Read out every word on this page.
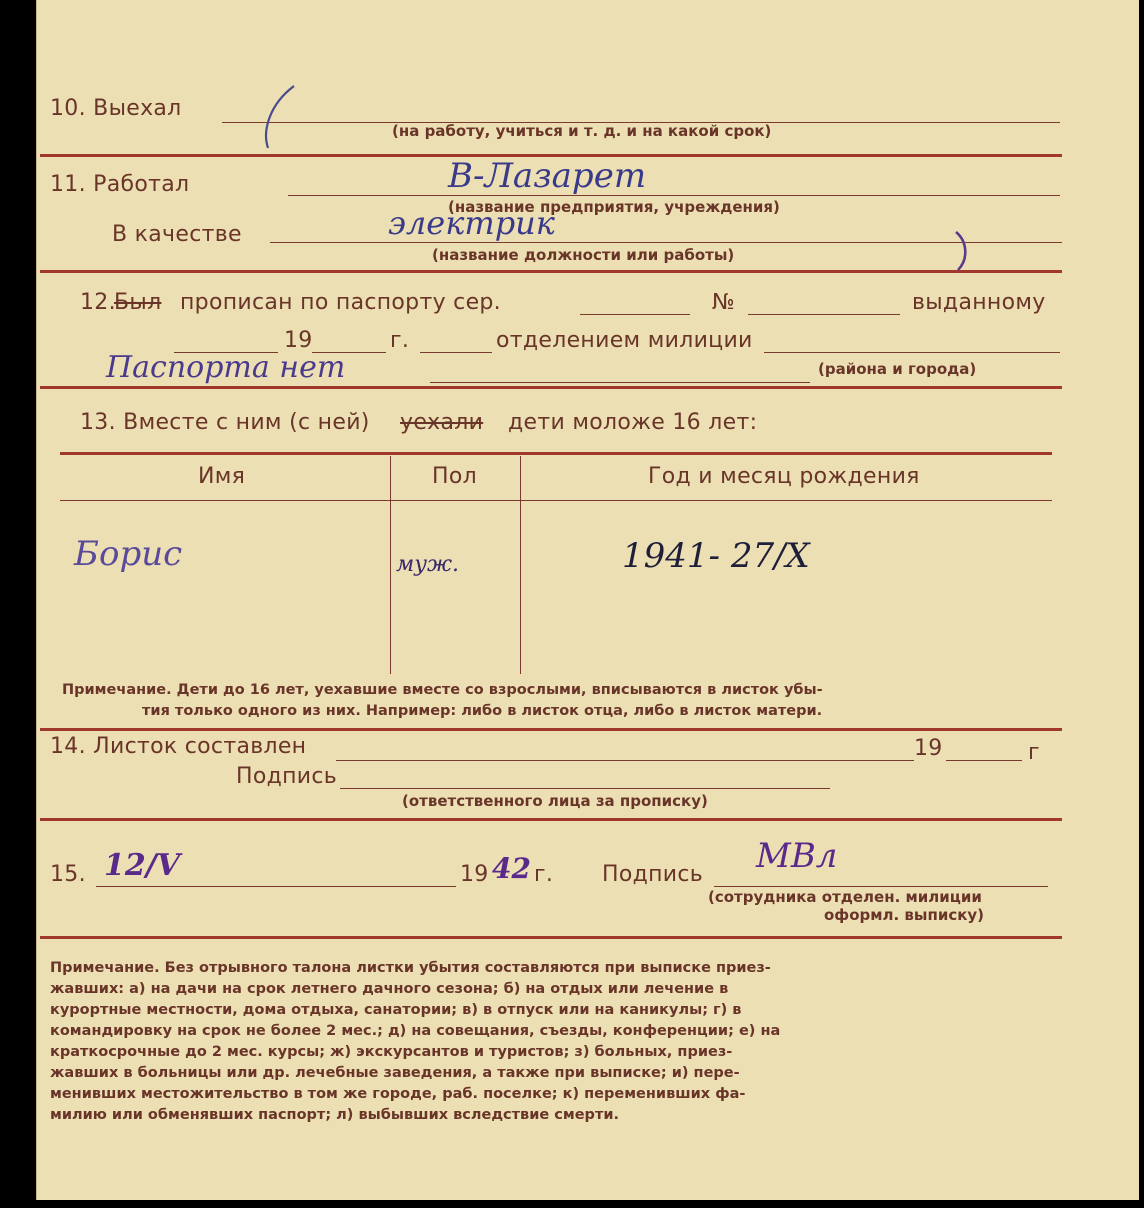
10. Выехал
(на работу, учиться и т. д. и на какой срок)
11. Работал	В-Лазарет
(название предприятия, учреждения)
В качестве	электрик
(название должности или работы)
12.
Был прописан по паспорту сер.	№	выданному
19	г.	отделением милиции
Паспорта нет	(района и города)
13. Вместе с ним (с ней) уехали дети моложе 16 лет:
Имя	Пол	Год и месяц рождения
Борис	муж.	1941- 27/X
Примечание. Дети до 16 лет, уехавшие вместе со взрослыми, вписываются в листок убы-
тия только одного из них. Например: либо в листок отца, либо в листок матери.
14. Листок составлен	19	г
Подпись
(ответственного лица за прописку)
15. 12/V	19 42 г. Подпись МВл
(сотрудника отделен. милиции
оформл. выписку)
Примечание. Без отрывного талона листки убытия составляются при выписке приез-
жавших: а) на дачи на срок летнего дачного сезона; б) на отдых или лечение в
курортные местности, дома отдыха, санатории; в) в отпуск или на каникулы; г) в
командировку на срок не более 2 мес.; д) на совещания, съезды, конференции; е) на
краткосрочные до 2 мес. курсы; ж) экскурсантов и туристов; з) больных, приез-
жавших в больницы или др. лечебные заведения, а также при выписке; и) пере-
менивших местожительство в том же городе, раб. поселке; к) переменивших фа-
милию или обменявших паспорт; л) выбывших вследствие смерти.
